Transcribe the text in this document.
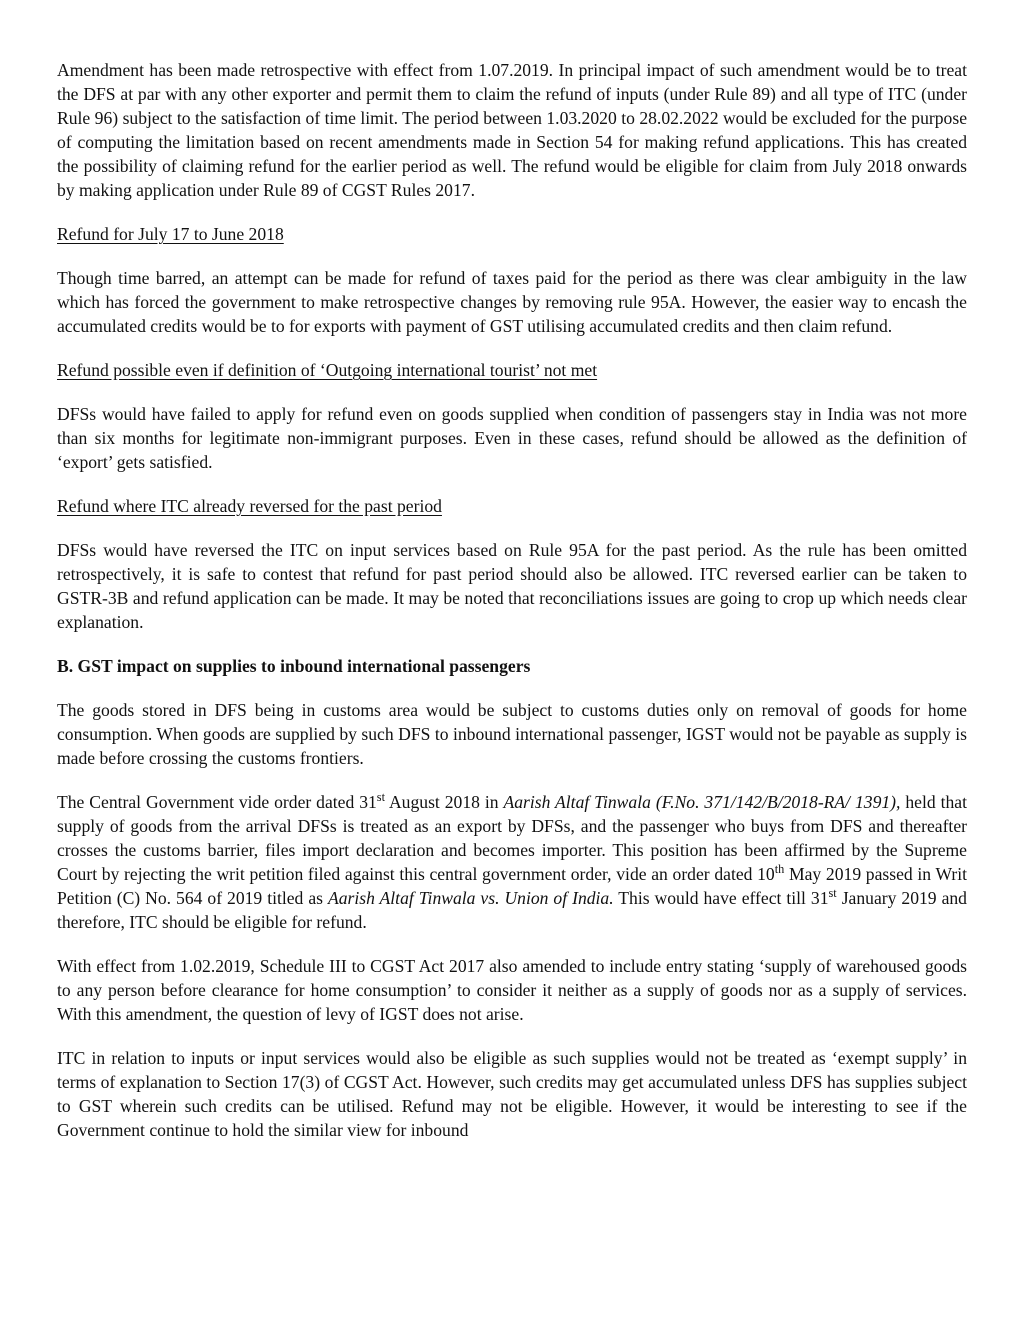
Amendment has been made retrospective with effect from 1.07.2019. In principal impact of such amendment would be to treat the DFS at par with any other exporter and permit them to claim the refund of inputs (under Rule 89) and all type of ITC (under Rule 96) subject to the satisfaction of time limit. The period between 1.03.2020 to 28.02.2022 would be excluded for the purpose of computing the limitation based on recent amendments made in Section 54 for making refund applications. This has created the possibility of claiming refund for the earlier period as well. The refund would be eligible for claim from July 2018 onwards by making application under Rule 89 of CGST Rules 2017.

Refund for July 17 to June 2018

Though time barred, an attempt can be made for refund of taxes paid for the period as there was clear ambiguity in the law which has forced the government to make retrospective changes by removing rule 95A. However, the easier way to encash the accumulated credits would be to for exports with payment of GST utilising accumulated credits and then claim refund.

Refund possible even if definition of ‘Outgoing international tourist’ not met

DFSs would have failed to apply for refund even on goods supplied when condition of passengers stay in India was not more than six months for legitimate non-immigrant purposes. Even in these cases, refund should be allowed as the definition of ‘export’ gets satisfied.

Refund where ITC already reversed for the past period

DFSs would have reversed the ITC on input services based on Rule 95A for the past period. As the rule has been omitted retrospectively, it is safe to contest that refund for past period should also be allowed. ITC reversed earlier can be taken to GSTR-3B and refund application can be made. It may be noted that reconciliations issues are going to crop up which needs clear explanation.

B. GST impact on supplies to inbound international passengers

The goods stored in DFS being in customs area would be subject to customs duties only on removal of goods for home consumption. When goods are supplied by such DFS to inbound international passenger, IGST would not be payable as supply is made before crossing the customs frontiers.

The Central Government vide order dated 31st August 2018 in Aarish Altaf Tinwala (F.No. 371/142/B/2018-RA/ 1391), held that supply of goods from the arrival DFSs is treated as an export by DFSs, and the passenger who buys from DFS and thereafter crosses the customs barrier, files import declaration and becomes importer. This position has been affirmed by the Supreme Court by rejecting the writ petition filed against this central government order, vide an order dated 10th May 2019 passed in Writ Petition (C) No. 564 of 2019 titled as Aarish Altaf Tinwala vs. Union of India. This would have effect till 31st January 2019 and therefore, ITC should be eligible for refund.

With effect from 1.02.2019, Schedule III to CGST Act 2017 also amended to include entry stating ‘supply of warehoused goods to any person before clearance for home consumption’ to consider it neither as a supply of goods nor as a supply of services. With this amendment, the question of levy of IGST does not arise.

ITC in relation to inputs or input services would also be eligible as such supplies would not be treated as ‘exempt supply’ in terms of explanation to Section 17(3) of CGST Act. However, such credits may get accumulated unless DFS has supplies subject to GST wherein such credits can be utilised. Refund may not be eligible. However, it would be interesting to see if the Government continue to hold the similar view for inbound
